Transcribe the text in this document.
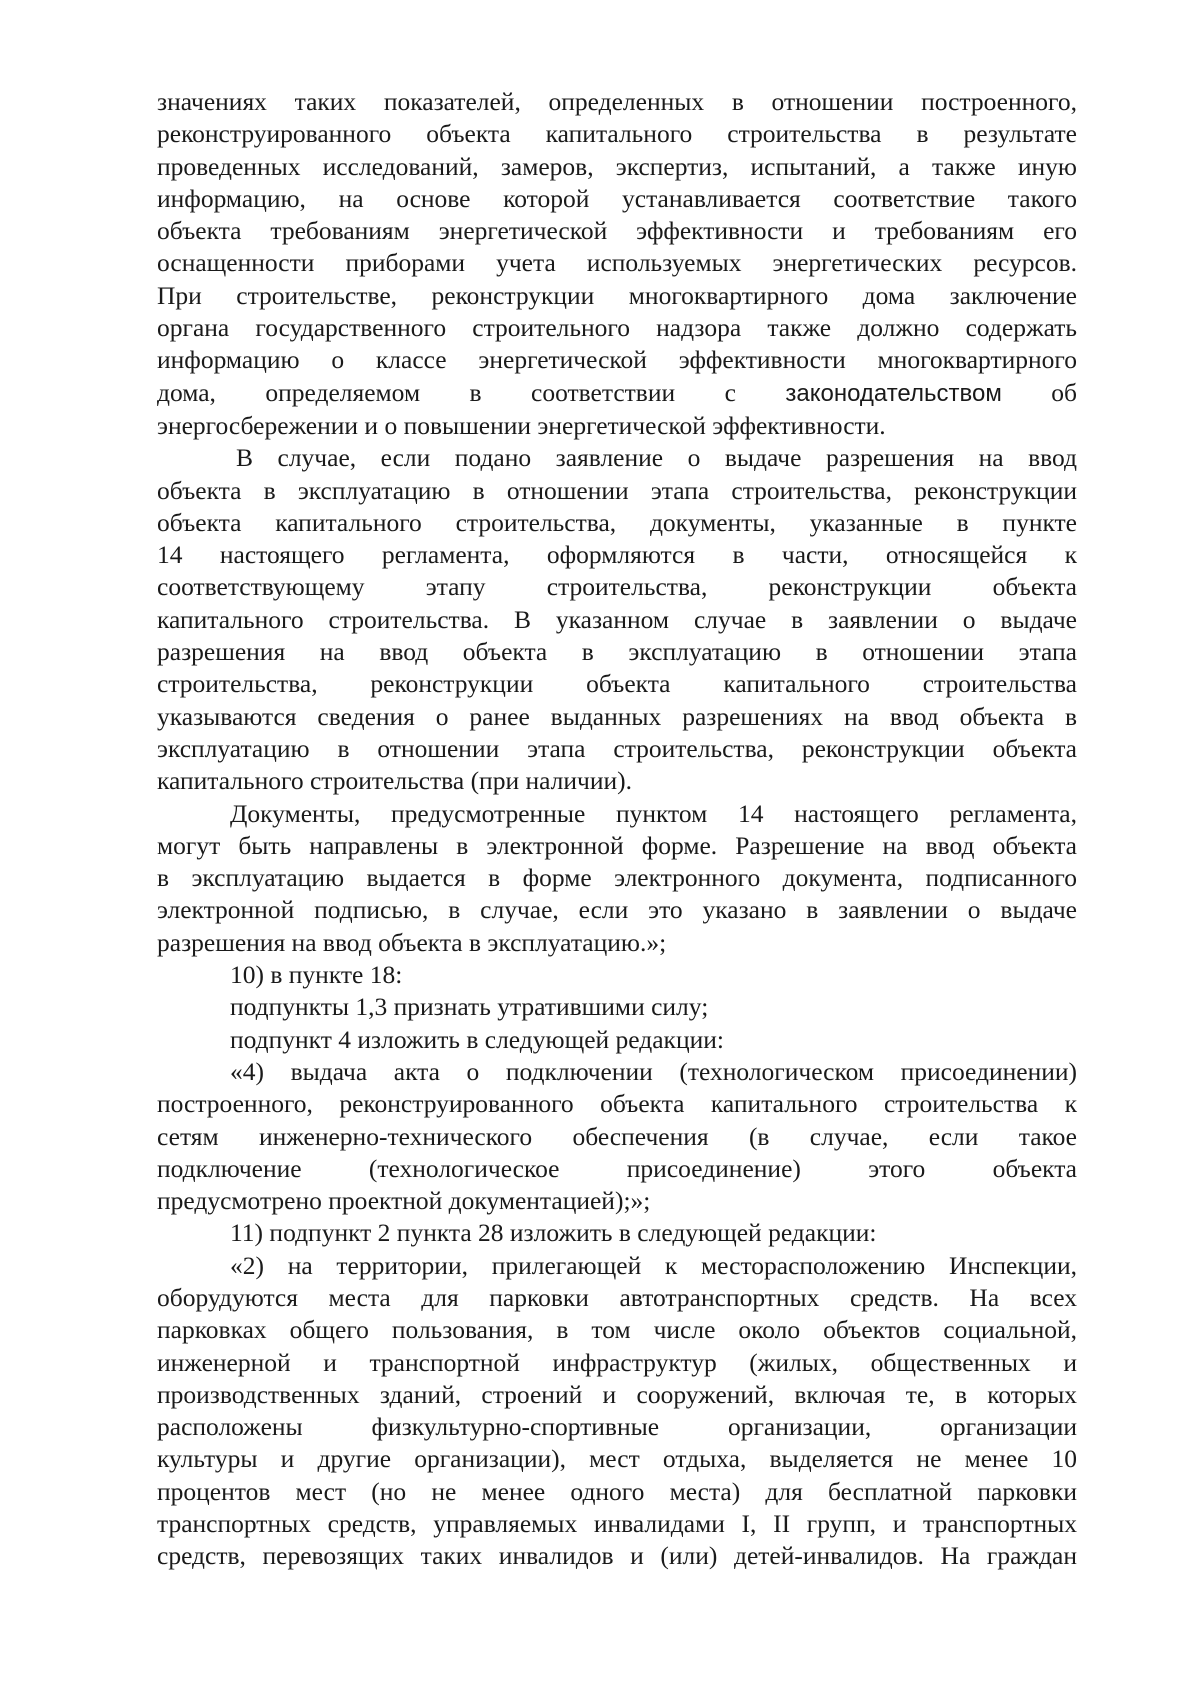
значениях таких показателей, определенных в отношении построенного,
реконструированного объекта капитального строительства в результате
проведенных исследований, замеров, экспертиз, испытаний, а также иную
информацию, на основе которой устанавливается соответствие такого
объекта требованиям энергетической эффективности и требованиям его
оснащенности приборами учета используемых энергетических ресурсов.
При строительстве, реконструкции многоквартирного дома заключение
органа государственного строительного надзора также должно содержать
информацию о классе энергетической эффективности многоквартирного
дома, определяемом в соответствии с законодательством об
энергосбережении и о повышении энергетической эффективности.
В случае, если подано заявление о выдаче разрешения на ввод
объекта в эксплуатацию в отношении этапа строительства, реконструкции
объекта капитального строительства, документы, указанные в пункте
14 настоящего регламента, оформляются в части, относящейся к
соответствующему этапу строительства, реконструкции объекта
капитального строительства. В указанном случае в заявлении о выдаче
разрешения на ввод объекта в эксплуатацию в отношении этапа
строительства, реконструкции объекта капитального строительства
указываются сведения о ранее выданных разрешениях на ввод объекта в
эксплуатацию в отношении этапа строительства, реконструкции объекта
капитального строительства (при наличии).
Документы, предусмотренные пунктом 14 настоящего регламента,
могут быть направлены в электронной форме. Разрешение на ввод объекта
в эксплуатацию выдается в форме электронного документа, подписанного
электронной подписью, в случае, если это указано в заявлении о выдаче
разрешения на ввод объекта в эксплуатацию.»;
10) в пункте 18:
подпункты 1,3 признать утратившими силу;
подпункт 4 изложить в следующей редакции:
«4) выдача акта о подключении (технологическом присоединении)
построенного, реконструированного объекта капитального строительства к
сетям инженерно-технического обеспечения (в случае, если такое
подключение (технологическое присоединение) этого объекта
предусмотрено проектной документацией);»;
11) подпункт 2 пункта 28 изложить в следующей редакции:
«2) на территории, прилегающей к месторасположению Инспекции,
оборудуются места для парковки автотранспортных средств. На всех
парковках общего пользования, в том числе около объектов социальной,
инженерной и транспортной инфраструктур (жилых, общественных и
производственных зданий, строений и сооружений, включая те, в которых
расположены физкультурно-спортивные организации, организации
культуры и другие организации), мест отдыха, выделяется не менее 10
процентов мест (но не менее одного места) для бесплатной парковки
транспортных средств, управляемых инвалидами I, II групп, и транспортных
средств, перевозящих таких инвалидов и (или) детей-инвалидов. На граждан
